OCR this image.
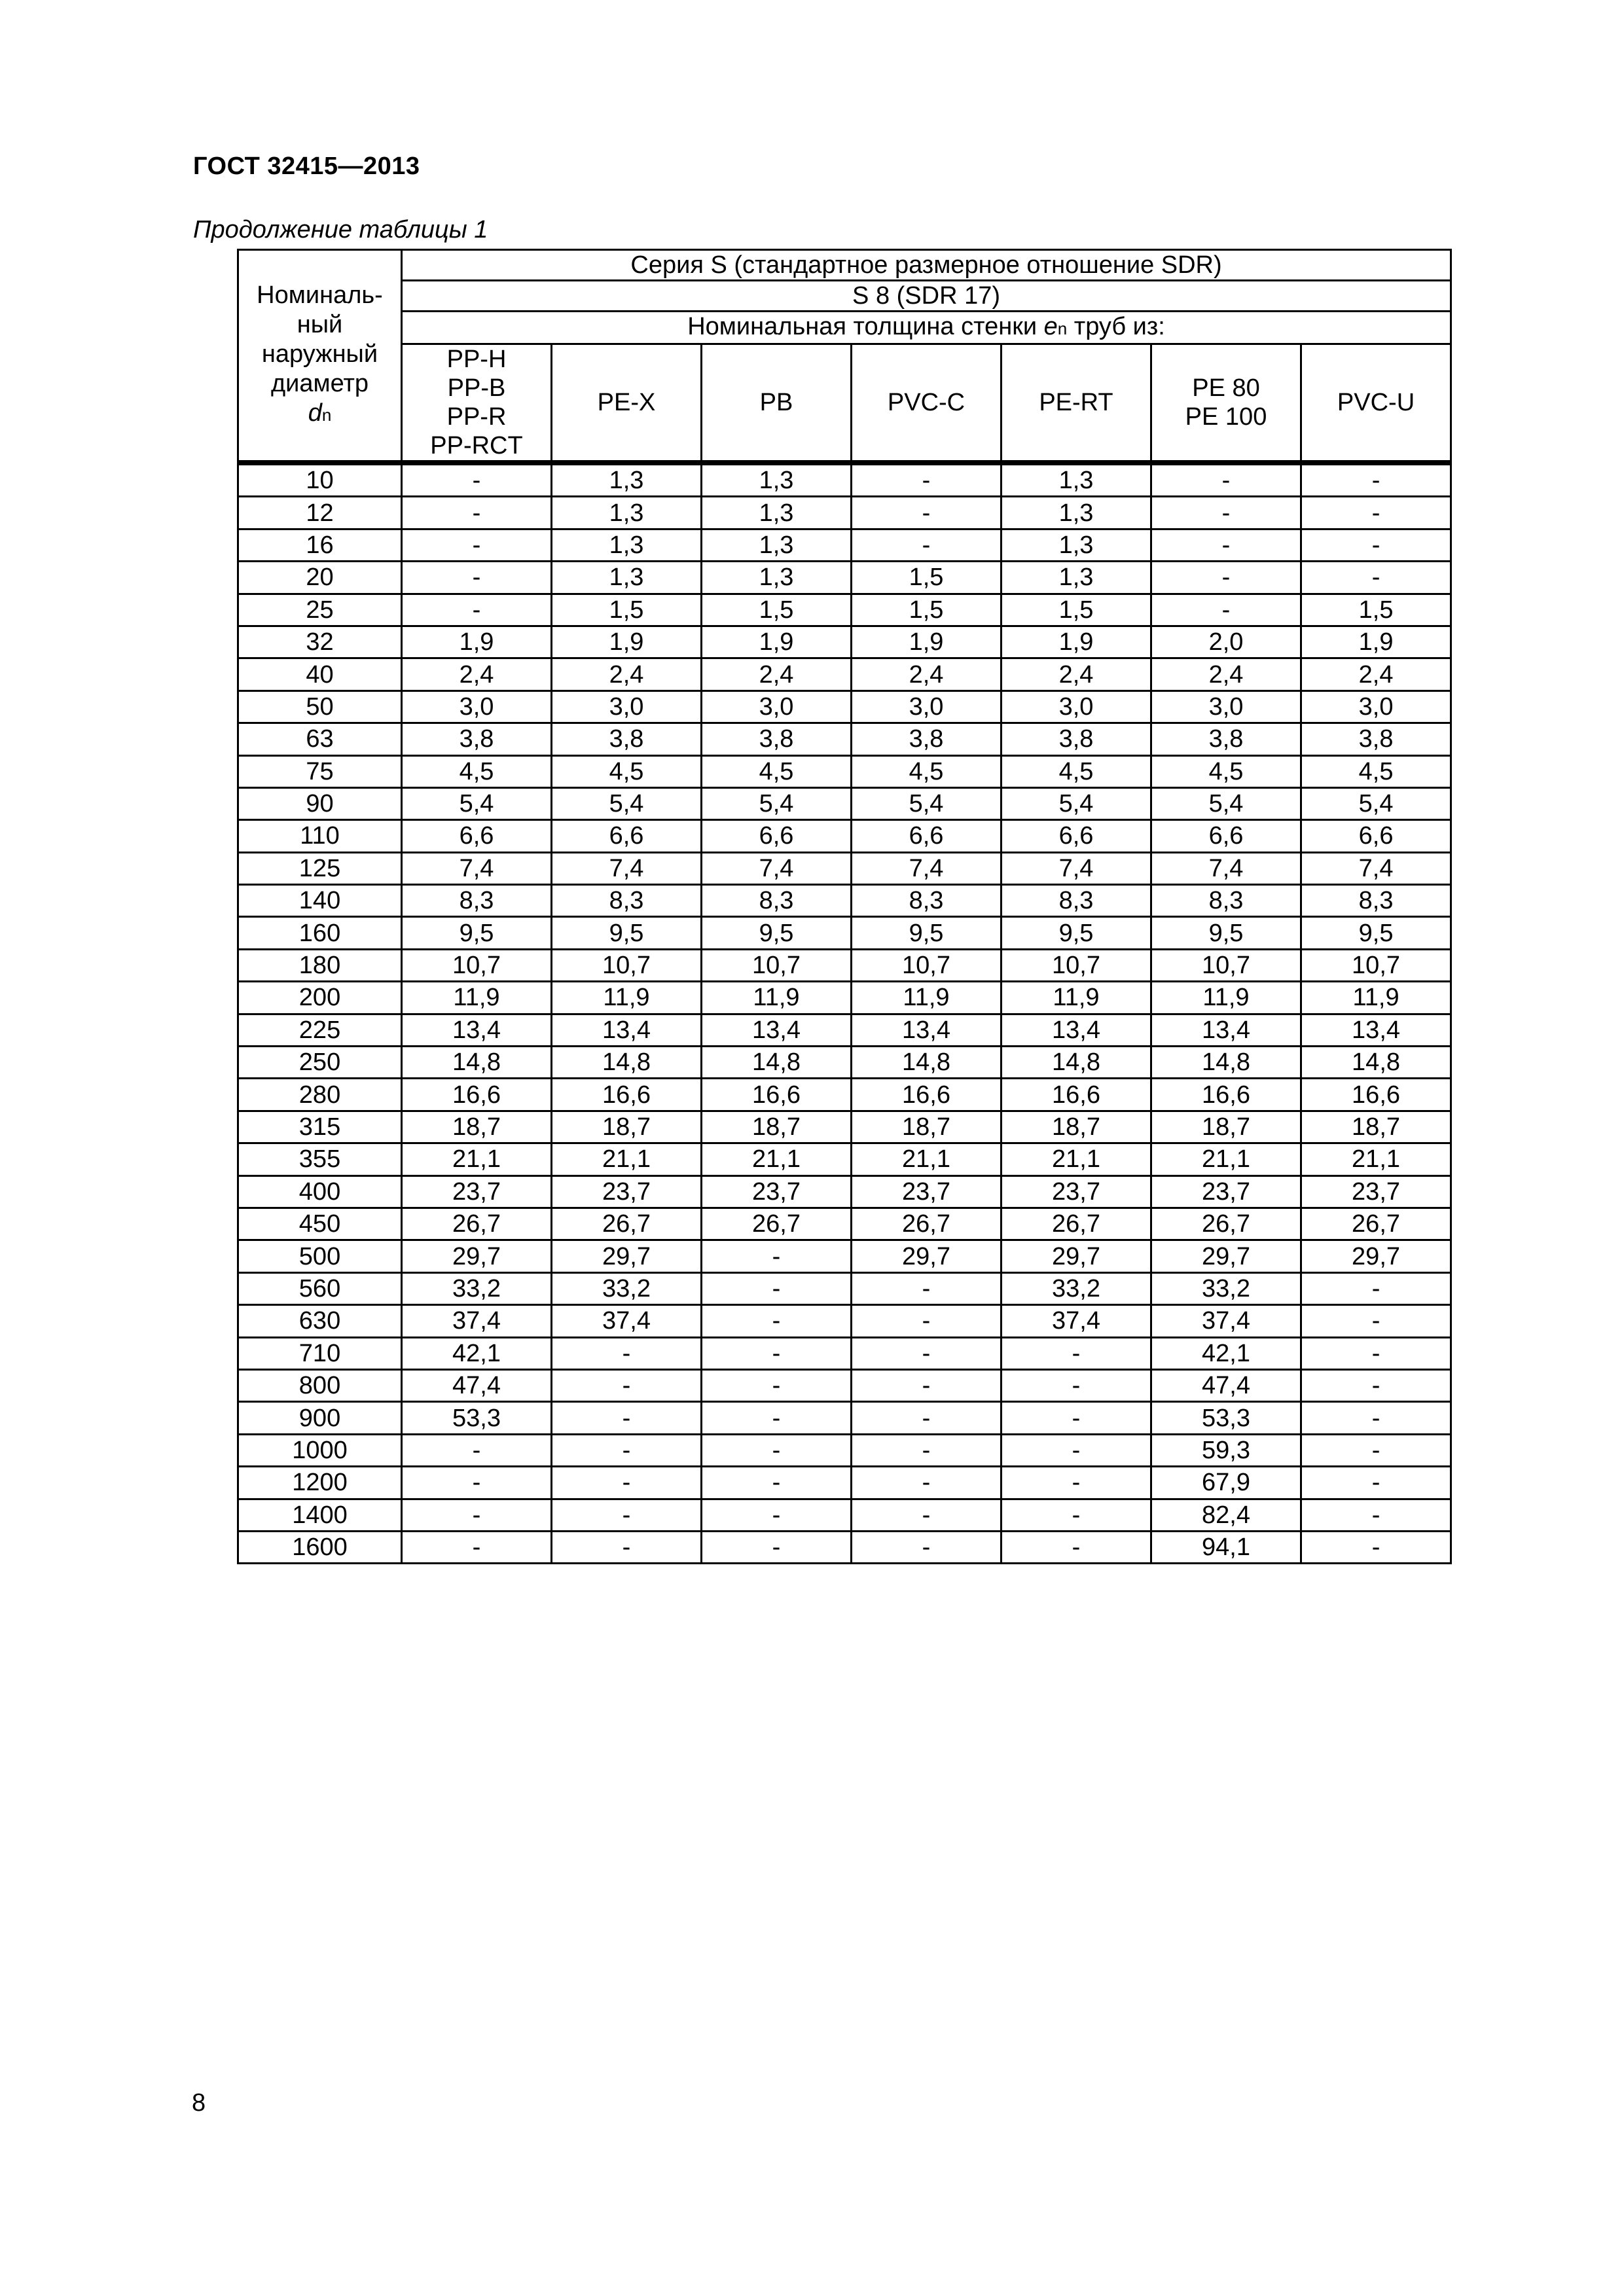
ГОСТ 32415—2013
Продолжение таблицы 1
Номиналь-
ный
наружный
диаметр
dn	Серия S (стандартное размерное отношение SDR)						
	S 8 (SDR 17)						
	Номинальная толщина стенки en труб из:						
	PP-H
PP-B
PP-R
PP-RCT	PE-X	PB	PVC-C	PE-RT	PE 80
PE 100	PVC-U
10	-	1,3	1,3	-	1,3	-	-
12	-	1,3	1,3	-	1,3	-	-
16	-	1,3	1,3	-	1,3	-	-
20	-	1,3	1,3	1,5	1,3	-	-
25	-	1,5	1,5	1,5	1,5	-	1,5
32	1,9	1,9	1,9	1,9	1,9	2,0	1,9
40	2,4	2,4	2,4	2,4	2,4	2,4	2,4
50	3,0	3,0	3,0	3,0	3,0	3,0	3,0
63	3,8	3,8	3,8	3,8	3,8	3,8	3,8
75	4,5	4,5	4,5	4,5	4,5	4,5	4,5
90	5,4	5,4	5,4	5,4	5,4	5,4	5,4
110	6,6	6,6	6,6	6,6	6,6	6,6	6,6
125	7,4	7,4	7,4	7,4	7,4	7,4	7,4
140	8,3	8,3	8,3	8,3	8,3	8,3	8,3
160	9,5	9,5	9,5	9,5	9,5	9,5	9,5
180	10,7	10,7	10,7	10,7	10,7	10,7	10,7
200	11,9	11,9	11,9	11,9	11,9	11,9	11,9
225	13,4	13,4	13,4	13,4	13,4	13,4	13,4
250	14,8	14,8	14,8	14,8	14,8	14,8	14,8
280	16,6	16,6	16,6	16,6	16,6	16,6	16,6
315	18,7	18,7	18,7	18,7	18,7	18,7	18,7
355	21,1	21,1	21,1	21,1	21,1	21,1	21,1
400	23,7	23,7	23,7	23,7	23,7	23,7	23,7
450	26,7	26,7	26,7	26,7	26,7	26,7	26,7
500	29,7	29,7	-	29,7	29,7	29,7	29,7
560	33,2	33,2	-	-	33,2	33,2	-
630	37,4	37,4	-	-	37,4	37,4	-
710	42,1	-	-	-	-	42,1	-
800	47,4	-	-	-	-	47,4	-
900	53,3	-	-	-	-	53,3	-
1000	-	-	-	-	-	59,3	-
1200	-	-	-	-	-	67,9	-
1400	-	-	-	-	-	82,4	-
1600	-	-	-	-	-	94,1	-
8
